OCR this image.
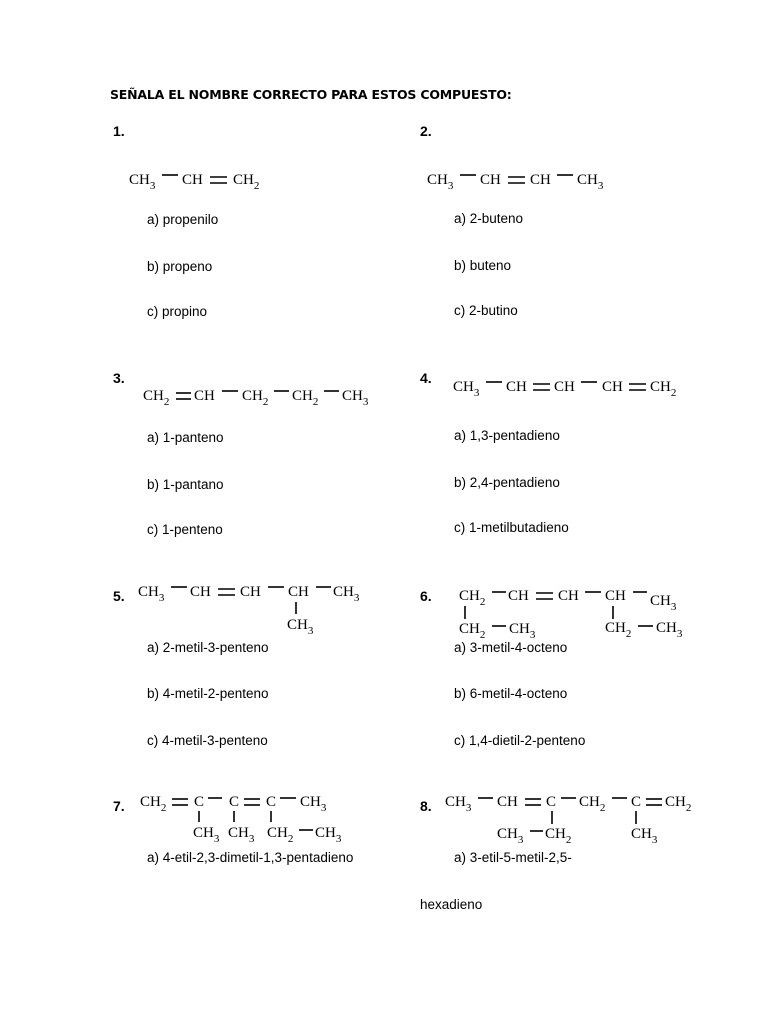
SEÑALA EL NOMBRE CORRECTO PARA ESTOS COMPUESTO:
1.	2.
3.	4.
5.	6.
7.	8.
a) propenilo
b) propeno
c) propino
a) 2-buteno
b) buteno
c) 2-butino
a) 1-panteno
b) 1-pantano
c) 1-penteno
a) 1,3-pentadieno
b) 2,4-pentadieno
c) 1-metilbutadieno
a) 2-metil-3-penteno
b) 4-metil-2-penteno
c) 4-metil-3-penteno
a) 3-metil-4-octeno
b) 6-metil-4-octeno
c) 1,4-dietil-2-penteno
a) 4-etil-2,3-dimetil-1,3-pentadieno	a) 3-etil-5-metil-2,5-
hexadieno
$CH_3$ CH $CH_2$	$CH_3$ CH CH $CH_3$
$CH_2$ CH $CH_2$ $CH_2$ $CH_3$
$CH_3$ CH CH CH $CH_2$
$CH_3$ CH CH CH $CH_3$
$CH_3$
$CH_2$ CH CH CH $CH_3$
$CH_2$ $CH_3$	$CH_2$ $CH_3$
$CH_2$ C C C $CH_3$
$CH_3$ $CH_3$ $CH_2$ $CH_3$
$CH_3$ CH C $CH_2$ C $CH_2$
$CH_3$ $CH_2$	$CH_3$
